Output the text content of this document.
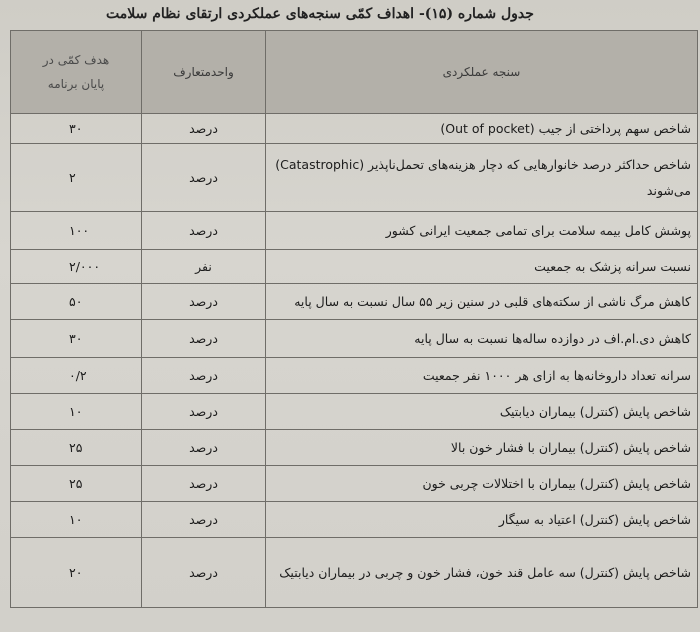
جدول شماره (۱۵)- اهداف کمّی سنجه‌های عملکردی ارتقای نظام سلامت
سنجه عملکردی	واحد‌متعارف	هدف کمّی در
پایان برنامه

شاخص سهم پرداختی از جیب (Out of pocket)	درصد	۳۰
شاخص حداکثر درصد خانوارهایی که دچار هزینه‌های تحمل‌ناپذیر (Catastrophic) می‌شوند	درصد	۲
پوشش کامل بیمه سلامت برای تمامی جمعیت ایرانی کشور	درصد	۱۰۰
نسبت سرانه پزشک به جمعیت	نفر	۲/۰۰۰
کاهش مرگ ناشی از سکته‌های قلبی در سنین زیر ۵۵ سال نسبت به سال پایه	درصد	۵۰
کاهش دی.ام.اف در دوازده ساله‌ها نسبت به سال پایه	درصد	۳۰
سرانه تعداد داروخانه‌ها به ازای هر ۱۰۰۰ نفر جمعیت	درصد	۰/۲
شاخص پایش (کنترل) بیماران دیابتیک	درصد	۱۰
شاخص پایش (کنترل) بیماران با فشار خون بالا	درصد	۲۵
شاخص پایش (کنترل) بیماران با اختلالات چربی خون	درصد	۲۵
شاخص پایش (کنترل) اعتیاد به سیگار	درصد	۱۰
شاخص پایش (کنترل) سه عامل قند خون، فشار خون و چربی در بیماران دیابتیک	درصد	۲۰
